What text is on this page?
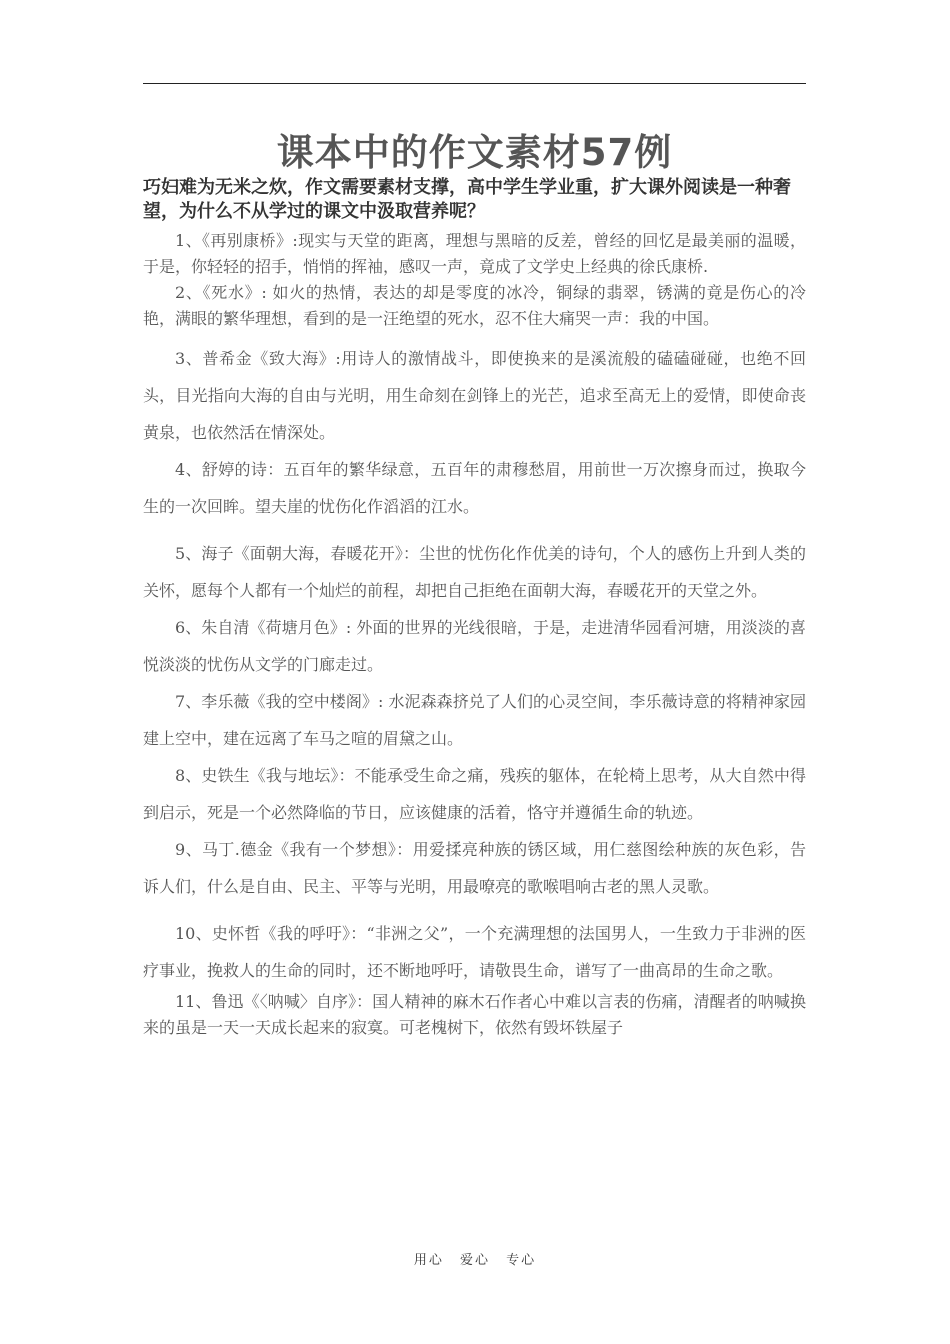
课本中的作文素材57例
巧妇难为无米之炊，作文需要素材支撑，高中学生学业重，扩大课外阅读是一种奢望，为什么不从学过的课文中汲取营养呢？

1、《再别康桥》:现实与天堂的距离，理想与黑暗的反差，曾经的回忆是最美丽的温暖，于是，你轻轻的招手，悄悄的挥袖，感叹一声，竟成了文学史上经典的徐氏康桥.

2、《死水》: 如火的热情，表达的却是零度的冰冷，铜绿的翡翠，锈满的竟是伤心的冷艳，满眼的繁华理想，看到的是一汪绝望的死水，忍不住大痛哭一声：我的中国。

3、普希金《致大海》:用诗人的激情战斗，即使换来的是溪流般的磕磕碰碰，也绝不回头，目光指向大海的自由与光明，用生命刻在剑锋上的光芒，追求至高无上的爱情，即使命丧黄泉，也依然活在情深处。

4、舒婷的诗：五百年的繁华绿意，五百年的肃穆愁眉，用前世一万次擦身而过，换取今生的一次回眸。望夫崖的忧伤化作滔滔的江水。

5、海子《面朝大海，春暖花开》：尘世的忧伤化作优美的诗句，个人的感伤上升到人类的关怀，愿每个人都有一个灿烂的前程，却把自己拒绝在面朝大海，春暖花开的天堂之外。

6、朱自清《荷塘月色》: 外面的世界的光线很暗，于是，走进清华园看河塘，用淡淡的喜悦淡淡的忧伤从文学的门廊走过。

7、李乐薇《我的空中楼阁》: 水泥森森挤兑了人们的心灵空间，李乐薇诗意的将精神家园建上空中，建在远离了车马之喧的眉黛之山。

8、史铁生《我与地坛》：不能承受生命之痛，残疾的躯体，在轮椅上思考，从大自然中得到启示，死是一个必然降临的节日，应该健康的活着，恪守并遵循生命的轨迹。

9、马丁.德金《我有一个梦想》：用爱揉亮种族的锈区域，用仁慈图绘种族的灰色彩，告诉人们，什么是自由、民主、平等与光明，用最嘹亮的歌喉唱响古老的黑人灵歌。

10、史怀哲《我的呼吁》：“非洲之父”，一个充满理想的法国男人，一生致力于非洲的医疗事业，挽救人的生命的同时，还不断地呼吁，请敬畏生命，谱写了一曲高昂的生命之歌。

11、鲁迅《〈呐喊〉自序》：国人精神的麻木石作者心中难以言表的伤痛，清醒者的呐喊换来的虽是一天一天成长起来的寂寞。可老槐树下，依然有毁坏铁屋子

用心 爱心 专心
